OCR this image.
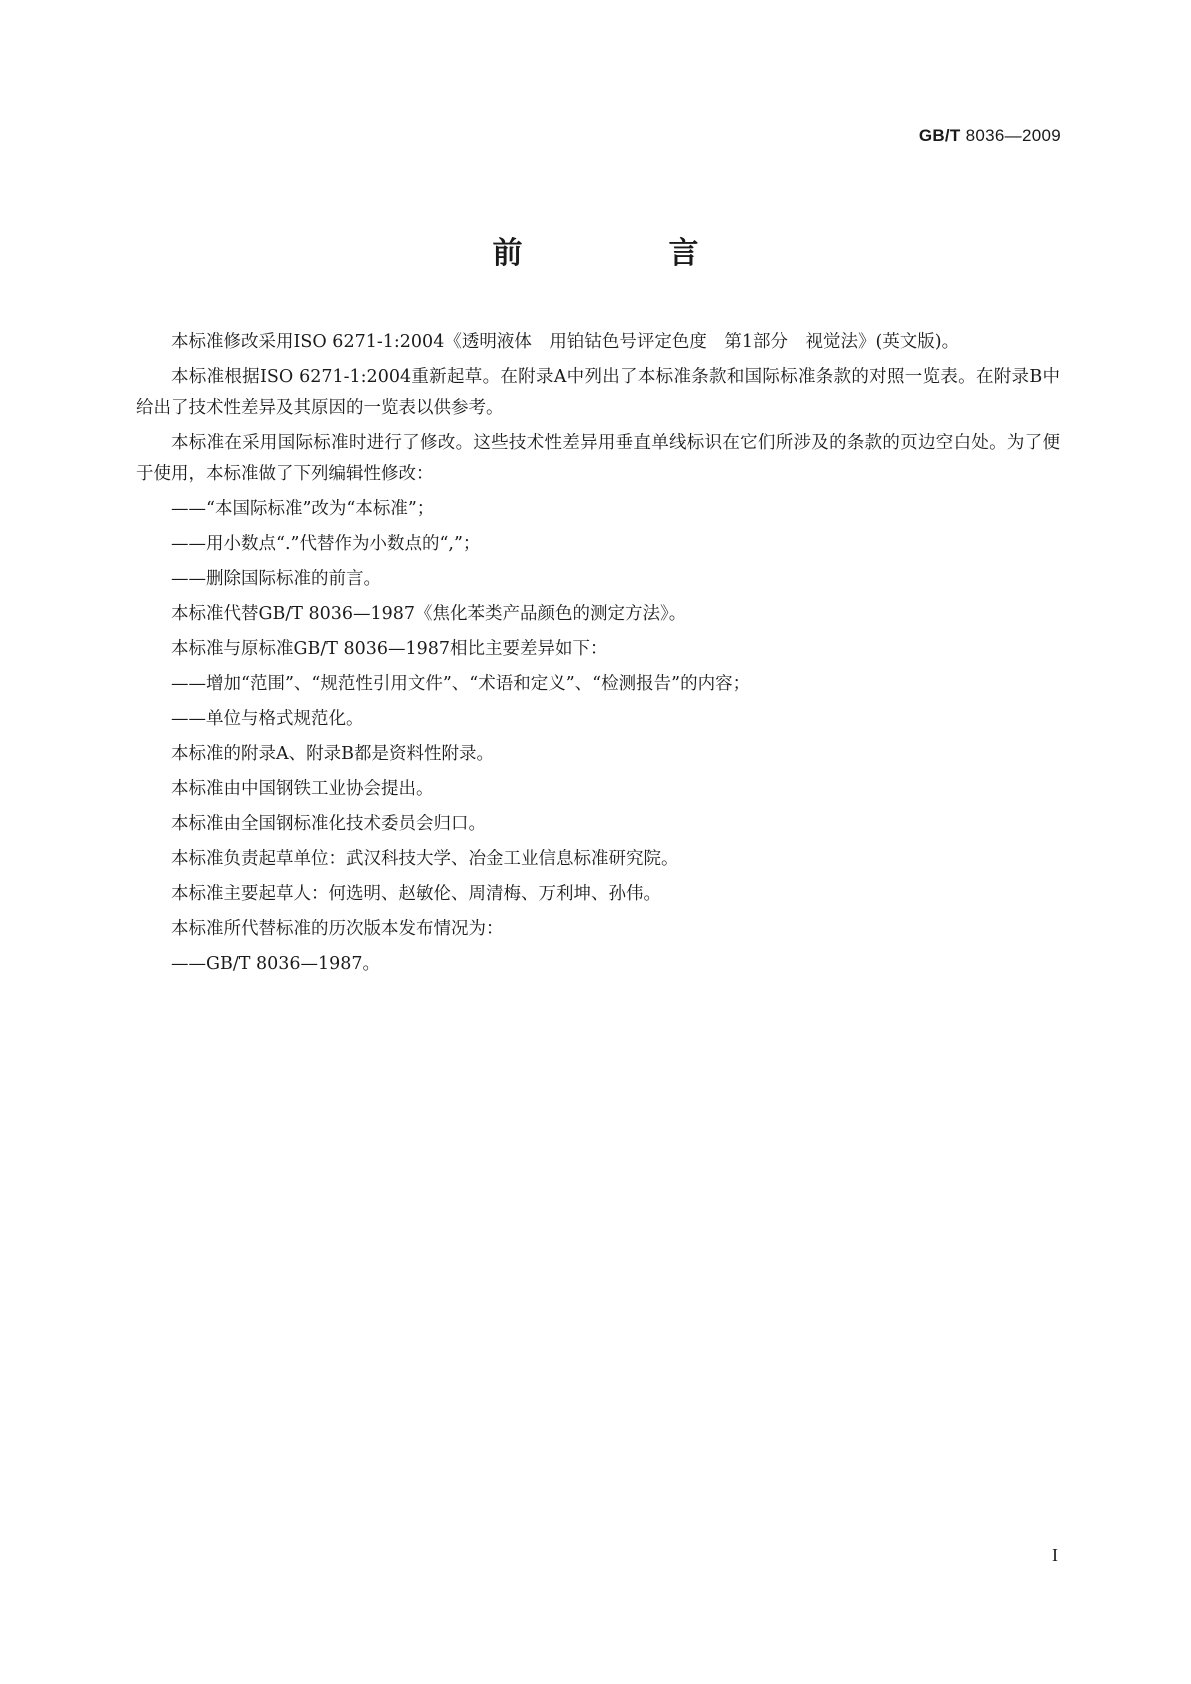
GB/T 8036—2009
前　言

本标准修改采用ISO 6271-1:2004《透明液体　用铂钴色号评定色度　第1部分　视觉法》(英文版)。

本标准根据ISO 6271-1:2004重新起草。在附录A中列出了本标准条款和国际标准条款的对照一览表。在附录B中给出了技术性差异及其原因的一览表以供参考。

本标准在采用国际标准时进行了修改。这些技术性差异用垂直单线标识在它们所涉及的条款的页边空白处。为了便于使用，本标准做了下列编辑性修改：

——“本国际标准”改为“本标准”；

——用小数点“.”代替作为小数点的“,”；

——删除国际标准的前言。

本标准代替GB/T 8036—1987《焦化苯类产品颜色的测定方法》。

本标准与原标准GB/T 8036—1987相比主要差异如下：

——增加“范围”、“规范性引用文件”、“术语和定义”、“检测报告”的内容；

——单位与格式规范化。

本标准的附录A、附录B都是资料性附录。

本标准由中国钢铁工业协会提出。

本标准由全国钢标准化技术委员会归口。

本标准负责起草单位：武汉科技大学、冶金工业信息标准研究院。

本标准主要起草人：何选明、赵敏伦、周清梅、万利坤、孙伟。

本标准所代替标准的历次版本发布情况为：

——GB/T 8036—1987。

I
